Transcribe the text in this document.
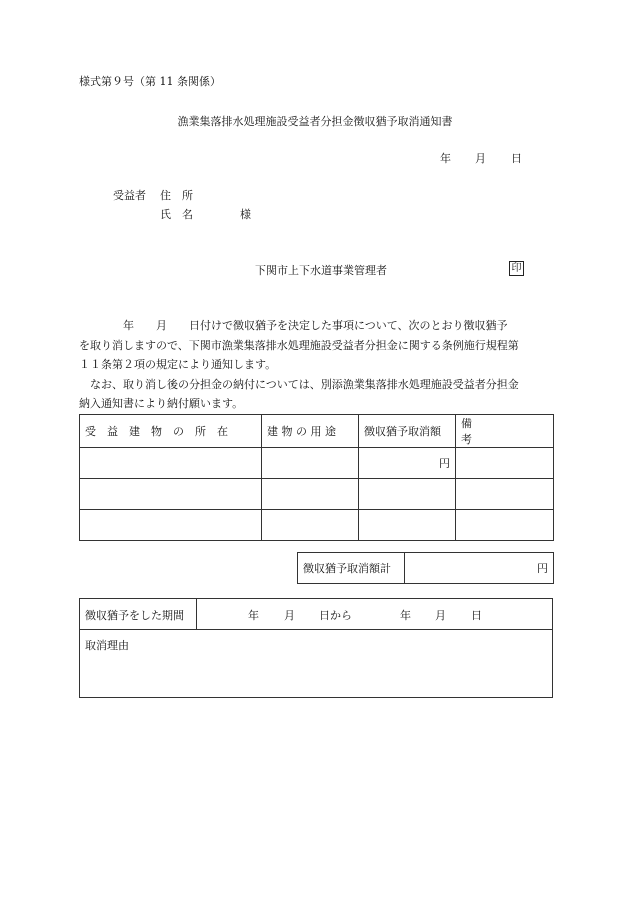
様式第９号（第 11 条関係）
漁業集落排水処理施設受益者分担金徴収猶予取消通知書
年 月 日
受益者 住　所
氏　名	様
下関市上下水道事業管理者	印
　　　　年　　月　　日付けで徴収猶予を決定した事項について、次のとおり徴収猶予
を取り消しますので、下関市漁業集落排水処理施設受益者分担金に関する条例施行規程第
１１条第２項の規定により通知します。
　なお、取り消し後の分担金の納付については、別添漁業集落排水処理施設受益者分担金
納入通知書により納付願います。
受　益　建　物　の　所　在	建 物 の 用 途	徴収猶予取消額	備　　　　　　考
		円	

徴収猶予取消額計	円
徴収猶予をした期間	年 月 日から	年 月 日
取消理由
